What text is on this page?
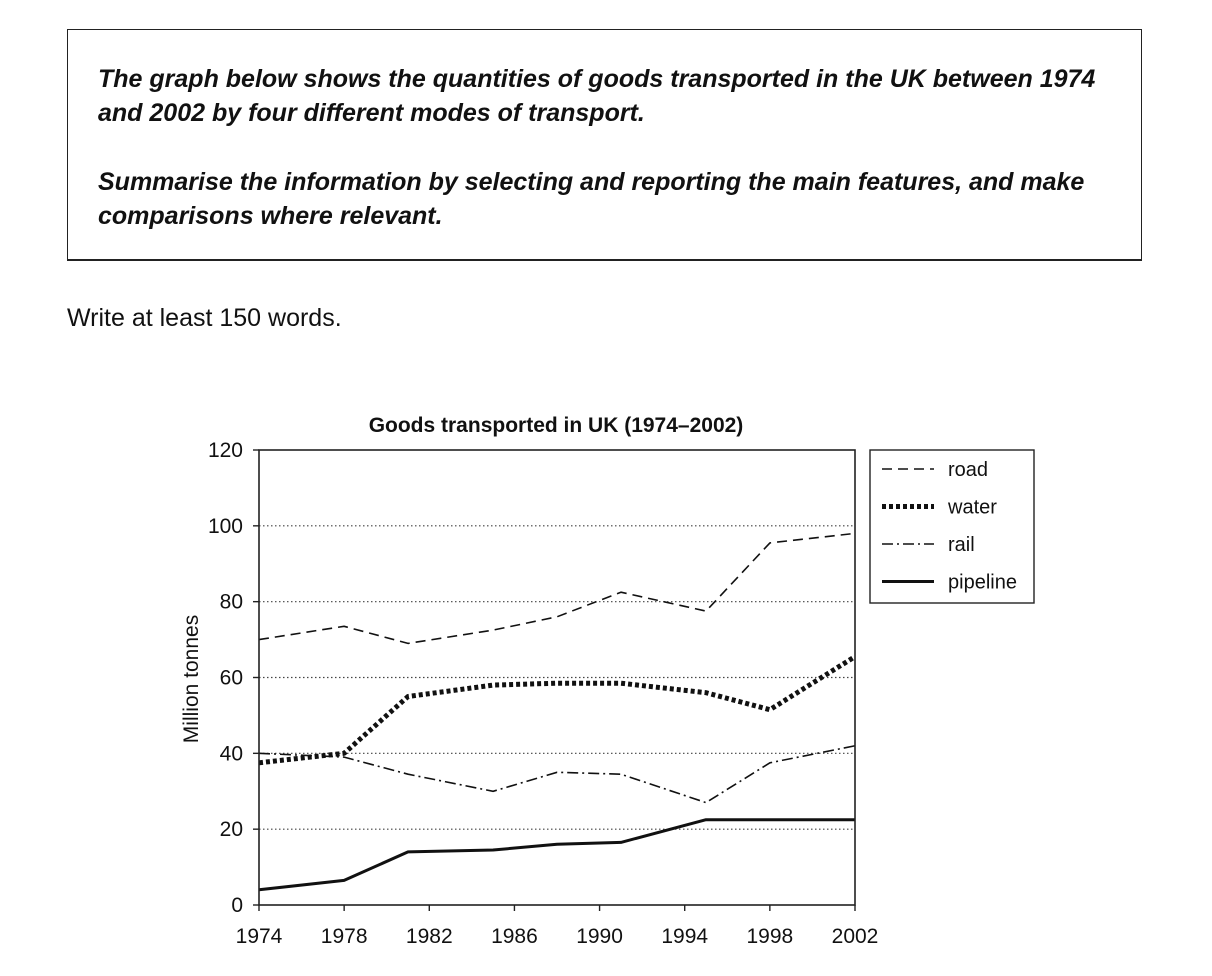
The graph below shows the quantities of goods transported in the UK between 1974 and 2002 by four different modes of transport.

Summarise the information by selecting and reporting the main features, and make comparisons where relevant.

Write at least 150 words.

Goods transported in UK (1974–2002)
Million tonnes
0
20
40
60
80
100
120
1974 1978 1982 1986 1990 1994 1998 2002
road
water
rail
pipeline
